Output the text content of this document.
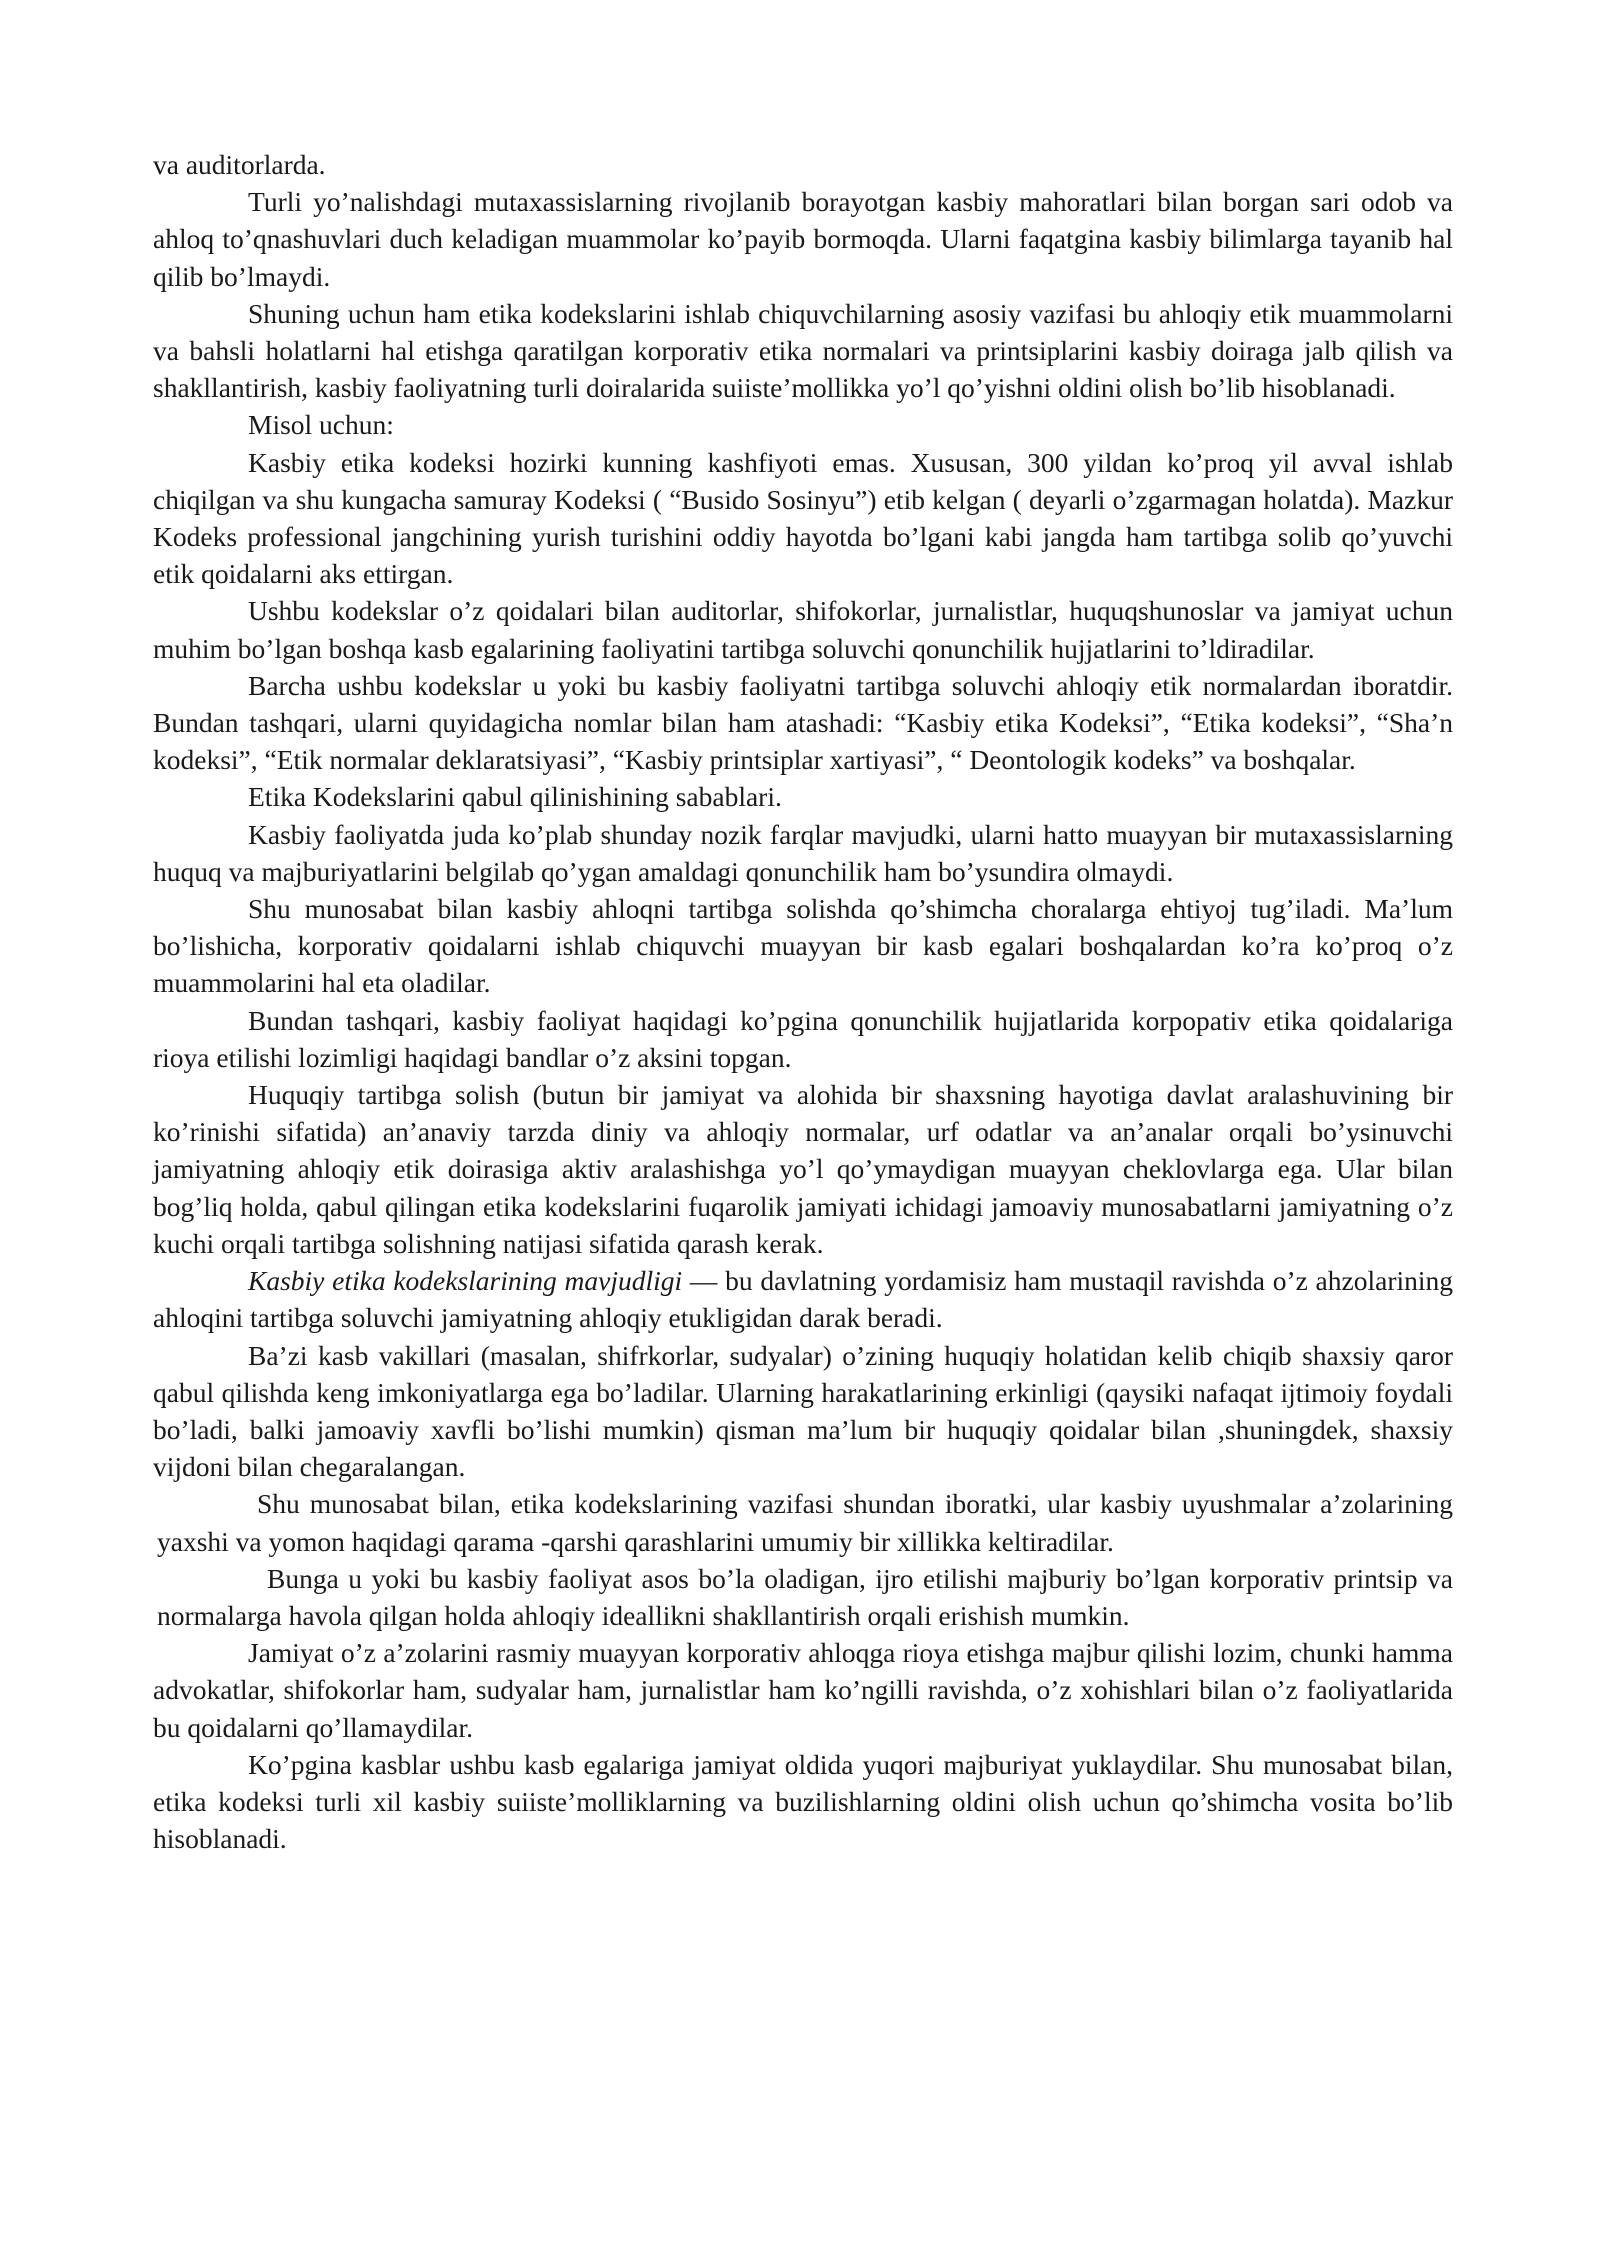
va auditorlarda.

Turli yo’nalishdagi mutaxassislarning rivojlanib borayotgan kasbiy mahoratlari bilan borgan sari odob va ahloq to’qnashuvlari duch keladigan muammolar ko’payib bormoqda. Ularni faqatgina kasbiy bilimlarga tayanib hal qilib bo’lmaydi.

Shuning uchun ham etika kodekslarini ishlab chiquvchilarning asosiy vazifasi bu ahloqiy etik muammolarni va bahsli holatlarni hal etishga qaratilgan korporativ etika normalari va printsiplarini kasbiy doiraga jalb qilish va shakllantirish, kasbiy faoliyatning turli doiralarida suiiste’mollikka yo’l qo’yishni oldini olish bo’lib hisoblanadi.

Misol uchun:

Kasbiy etika kodeksi hozirki kunning kashfiyoti emas. Xususan, 300 yildan ko’proq yil avval ishlab chiqilgan va shu kungacha samuray Kodeksi ( “Busido Sosinyu”) etib kelgan ( deyarli o’zgarmagan holatda). Mazkur Kodeks professional jangchining yurish turishini oddiy hayotda bo’lgani kabi jangda ham tartibga solib qo’yuvchi etik qoidalarni aks ettirgan.

Ushbu kodekslar o’z qoidalari bilan auditorlar, shifokorlar, jurnalistlar, huquqshunoslar va jamiyat uchun muhim bo’lgan boshqa kasb egalarining faoliyatini tartibga soluvchi qonunchilik hujjatlarini to’ldiradilar.

Barcha ushbu kodekslar u yoki bu kasbiy faoliyatni tartibga soluvchi ahloqiy etik normalardan iboratdir. Bundan tashqari, ularni quyidagicha nomlar bilan ham atashadi: “Kasbiy etika Kodeksi”, “Etika kodeksi”, “Sha’n kodeksi”, “Etik normalar deklaratsiyasi”, “Kasbiy printsiplar xartiyasi”, “ Deontologik kodeks” va boshqalar.

Etika Kodekslarini qabul qilinishining sabablari.

Kasbiy faoliyatda juda ko’plab shunday nozik farqlar mavjudki, ularni hatto muayyan bir mutaxassislarning huquq va majburiyatlarini belgilab qo’ygan amaldagi qonunchilik ham bo’ysundira olmaydi.

Shu munosabat bilan kasbiy ahloqni tartibga solishda qo’shimcha choralarga ehtiyoj tug’iladi. Ma’lum bo’lishicha, korporativ qoidalarni ishlab chiquvchi muayyan bir kasb egalari boshqalardan ko’ra ko’proq o’z muammolarini hal eta oladilar.

Bundan tashqari, kasbiy faoliyat haqidagi ko’pgina qonunchilik hujjatlarida korpopativ etika qoidalariga rioya etilishi lozimligi haqidagi bandlar o’z aksini topgan.

Huquqiy tartibga solish (butun bir jamiyat va alohida bir shaxsning hayotiga davlat aralashuvining bir ko’rinishi sifatida) an’anaviy tarzda diniy va ahloqiy normalar, urf odatlar va an’analar orqali bo’ysinuvchi jamiyatning ahloqiy etik doirasiga aktiv aralashishga yo’l qo’ymaydigan muayyan cheklovlarga ega. Ular bilan bog’liq holda, qabul qilingan etika kodekslarini fuqarolik jamiyati ichidagi jamoaviy munosabatlarni jamiyatning o’z kuchi orqali tartibga solishning natijasi sifatida qarash kerak.

Kasbiy etika kodekslarining mavjudligi — bu davlatning yordamisiz ham mustaqil ravishda o’z ahzolarining ahloqini tartibga soluvchi jamiyatning ahloqiy etukligidan darak beradi.

Ba’zi kasb vakillari (masalan, shifrkorlar, sudyalar) o’zining huquqiy holatidan kelib chiqib shaxsiy qaror qabul qilishda keng imkoniyatlarga ega bo’ladilar. Ularning harakatlarining erkinligi (qaysiki nafaqat ijtimoiy foydali bo’ladi, balki jamoaviy xavfli bo’lishi mumkin) qisman ma’lum bir huquqiy qoidalar bilan ,shuningdek, shaxsiy vijdoni bilan chegaralangan.

Shu munosabat bilan, etika kodekslarining vazifasi shundan iboratki, ular kasbiy uyushmalar a’zolarining yaxshi va yomon haqidagi qarama -qarshi qarashlarini umumiy bir xillikka keltiradilar.

Bunga u yoki bu kasbiy faoliyat asos bo’la oladigan, ijro etilishi majburiy bo’lgan korporativ printsip va normalarga havola qilgan holda ahloqiy ideallikni shakllantirish orqali erishish mumkin.

Jamiyat o’z a’zolarini rasmiy muayyan korporativ ahloqga rioya etishga majbur qilishi lozim, chunki hamma advokatlar, shifokorlar ham, sudyalar ham, jurnalistlar ham ko’ngilli ravishda, o’z xohishlari bilan o’z faoliyatlarida bu qoidalarni qo’llamaydilar.

Ko’pgina kasblar ushbu kasb egalariga jamiyat oldida yuqori majburiyat yuklaydilar. Shu munosabat bilan, etika kodeksi turli xil kasbiy suiiste’molliklarning va buzilishlarning oldini olish uchun qo’shimcha vosita bo’lib hisoblanadi.
